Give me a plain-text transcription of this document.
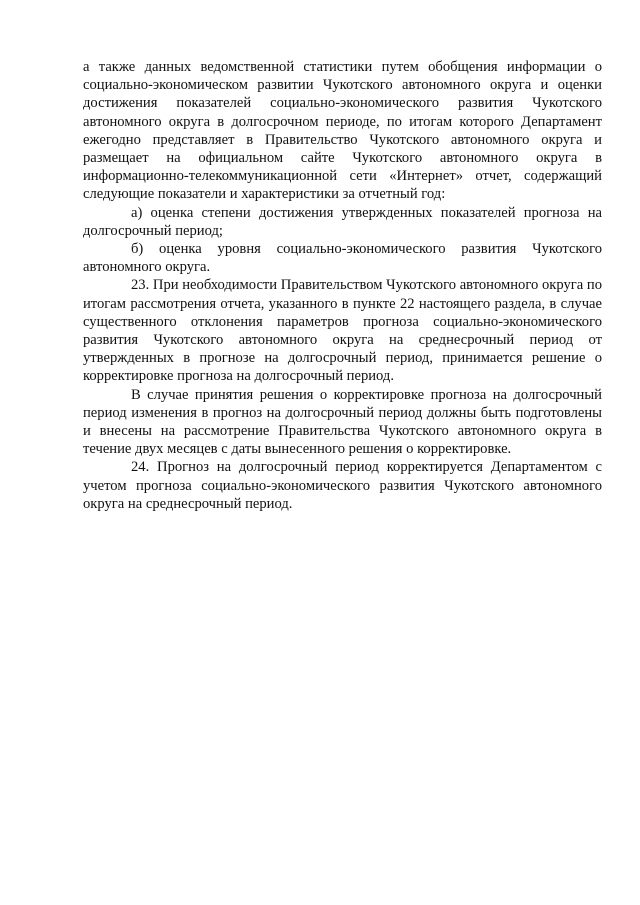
а также данных ведомственной статистики путем обобщения информации о социально-экономическом развитии Чукотского автономного округа и оценки достижения показателей социально-экономического развития Чукотского автономного округа в долгосрочном периоде, по итогам которого Департамент ежегодно представляет в Правительство Чукотского автономного округа и размещает на официальном сайте Чукотского автономного округа в информационно-телекоммуникационной сети «Интернет» отчет, содержащий следующие показатели и характеристики за отчетный год:

а) оценка степени достижения утвержденных показателей прогноза на долгосрочный период;

б) оценка уровня социально-экономического развития Чукотского автономного округа.

23. При необходимости Правительством Чукотского автономного округа по итогам рассмотрения отчета, указанного в пункте 22 настоящего раздела, в случае существенного отклонения параметров прогноза социально-экономического развития Чукотского автономного округа на среднесрочный период от утвержденных в прогнозе на долгосрочный период, принимается решение о корректировке прогноза на долгосрочный период.

В случае принятия решения о корректировке прогноза на долгосрочный период изменения в прогноз на долгосрочный период должны быть подготовлены и внесены на рассмотрение Правительства Чукотского автономного округа в течение двух месяцев с даты вынесенного решения о корректировке.

24. Прогноз на долгосрочный период корректируется Департаментом с учетом прогноза социально-экономического развития Чукотского автономного округа на среднесрочный период.
